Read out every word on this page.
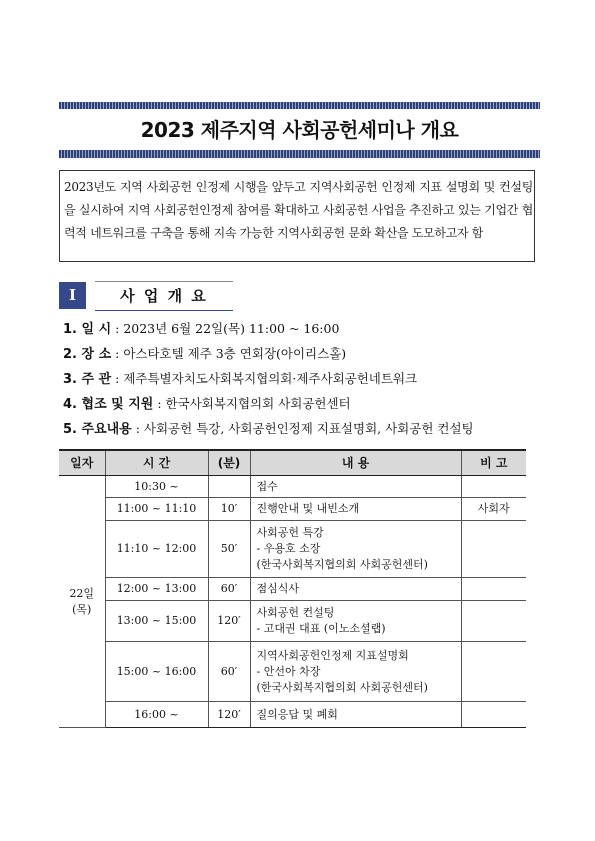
2023 제주지역 사회공헌세미나 개요
2023년도 지역 사회공헌 인정제 시행을 앞두고 지역사회공헌 인정제 지표 설명회 및 컨설팅을 실시하여 지역 사회공헌인정제 참여를 확대하고 사회공헌 사업을 추진하고 있는 기업간 협력적 네트워크를 구축을 통해 지속 가능한 지역사회공헌 문화 확산을 도모하고자 함
I	사 업 개 요
1. 일 시 : 2023년 6월 22일(목) 11:00 ~ 16:00
2. 장 소 : 아스타호텔 제주 3층 연회장(아이리스홀)
3. 주 관 : 제주특별자치도사회복지협의회·제주사회공헌네트워크
4. 협조 및 지원 : 한국사회복지협의회 사회공헌센터
5. 주요내용 : 사회공헌 특강, 사회공헌인정제 지표설명회, 사회공헌 컨설팅
일자	시 간	(분)	내 용	비 고
22일
(목)	10:30 ~		접수	
	11:00 ~ 11:10	10′	진행안내 및 내빈소개	사회자
	11:10 ~ 12:00	50′	사회공헌 특강
- 우용호 소장
(한국사회복지협의회 사회공헌센터)	
	12:00 ~ 13:00	60′	점심식사	
	13:00 ~ 15:00	120′	사회공헌 컨설팅
- 고대권 대표 (이노소셜랩)	
	15:00 ~ 16:00	60′	지역사회공헌인정제 지표설명회
- 안선아 차장
(한국사회복지협의회 사회공헌센터)	
	16:00 ~	120′	질의응답 및 폐회	
